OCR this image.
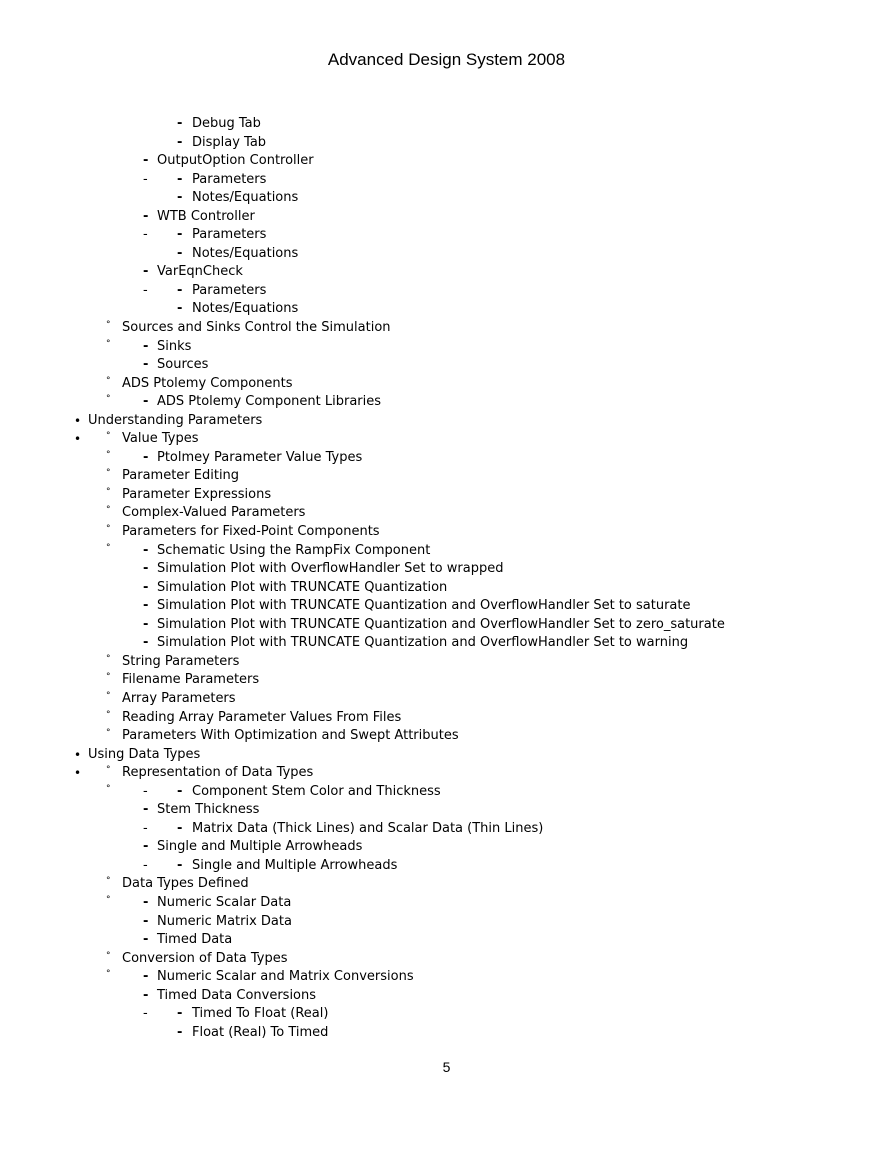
Advanced Design System 2008
- Debug Tab
- Display Tab
- OutputOption Controller
- - Parameters
- Notes/Equations
- WTB Controller
- - Parameters
- Notes/Equations
- VarEqnCheck
- - Parameters
- Notes/Equations
° Sources and Sinks Control the Simulation
°	- Sinks
- Sources
° ADS Ptolemy Components
°	- ADS Ptolemy Component Libraries
• Understanding Parameters
•	° Value Types
°	- Ptolmey Parameter Value Types
° Parameter Editing
° Parameter Expressions
° Complex-Valued Parameters
° Parameters for Fixed-Point Components
°	- Schematic Using the RampFix Component
- Simulation Plot with OverflowHandler Set to wrapped
- Simulation Plot with TRUNCATE Quantization
- Simulation Plot with TRUNCATE Quantization and OverflowHandler Set to saturate
- Simulation Plot with TRUNCATE Quantization and OverflowHandler Set to zero_saturate
- Simulation Plot with TRUNCATE Quantization and OverflowHandler Set to warning
° String Parameters
° Filename Parameters
° Array Parameters
° Reading Array Parameter Values From Files
° Parameters With Optimization and Swept Attributes
• Using Data Types
•	° Representation of Data Types
°	- - Component Stem Color and Thickness
- Stem Thickness
- - Matrix Data (Thick Lines) and Scalar Data (Thin Lines)
- Single and Multiple Arrowheads
- - Single and Multiple Arrowheads
° Data Types Defined
°	- Numeric Scalar Data
- Numeric Matrix Data
- Timed Data
° Conversion of Data Types
°	- Numeric Scalar and Matrix Conversions
- Timed Data Conversions
- - Timed To Float (Real)
- Float (Real) To Timed
5
